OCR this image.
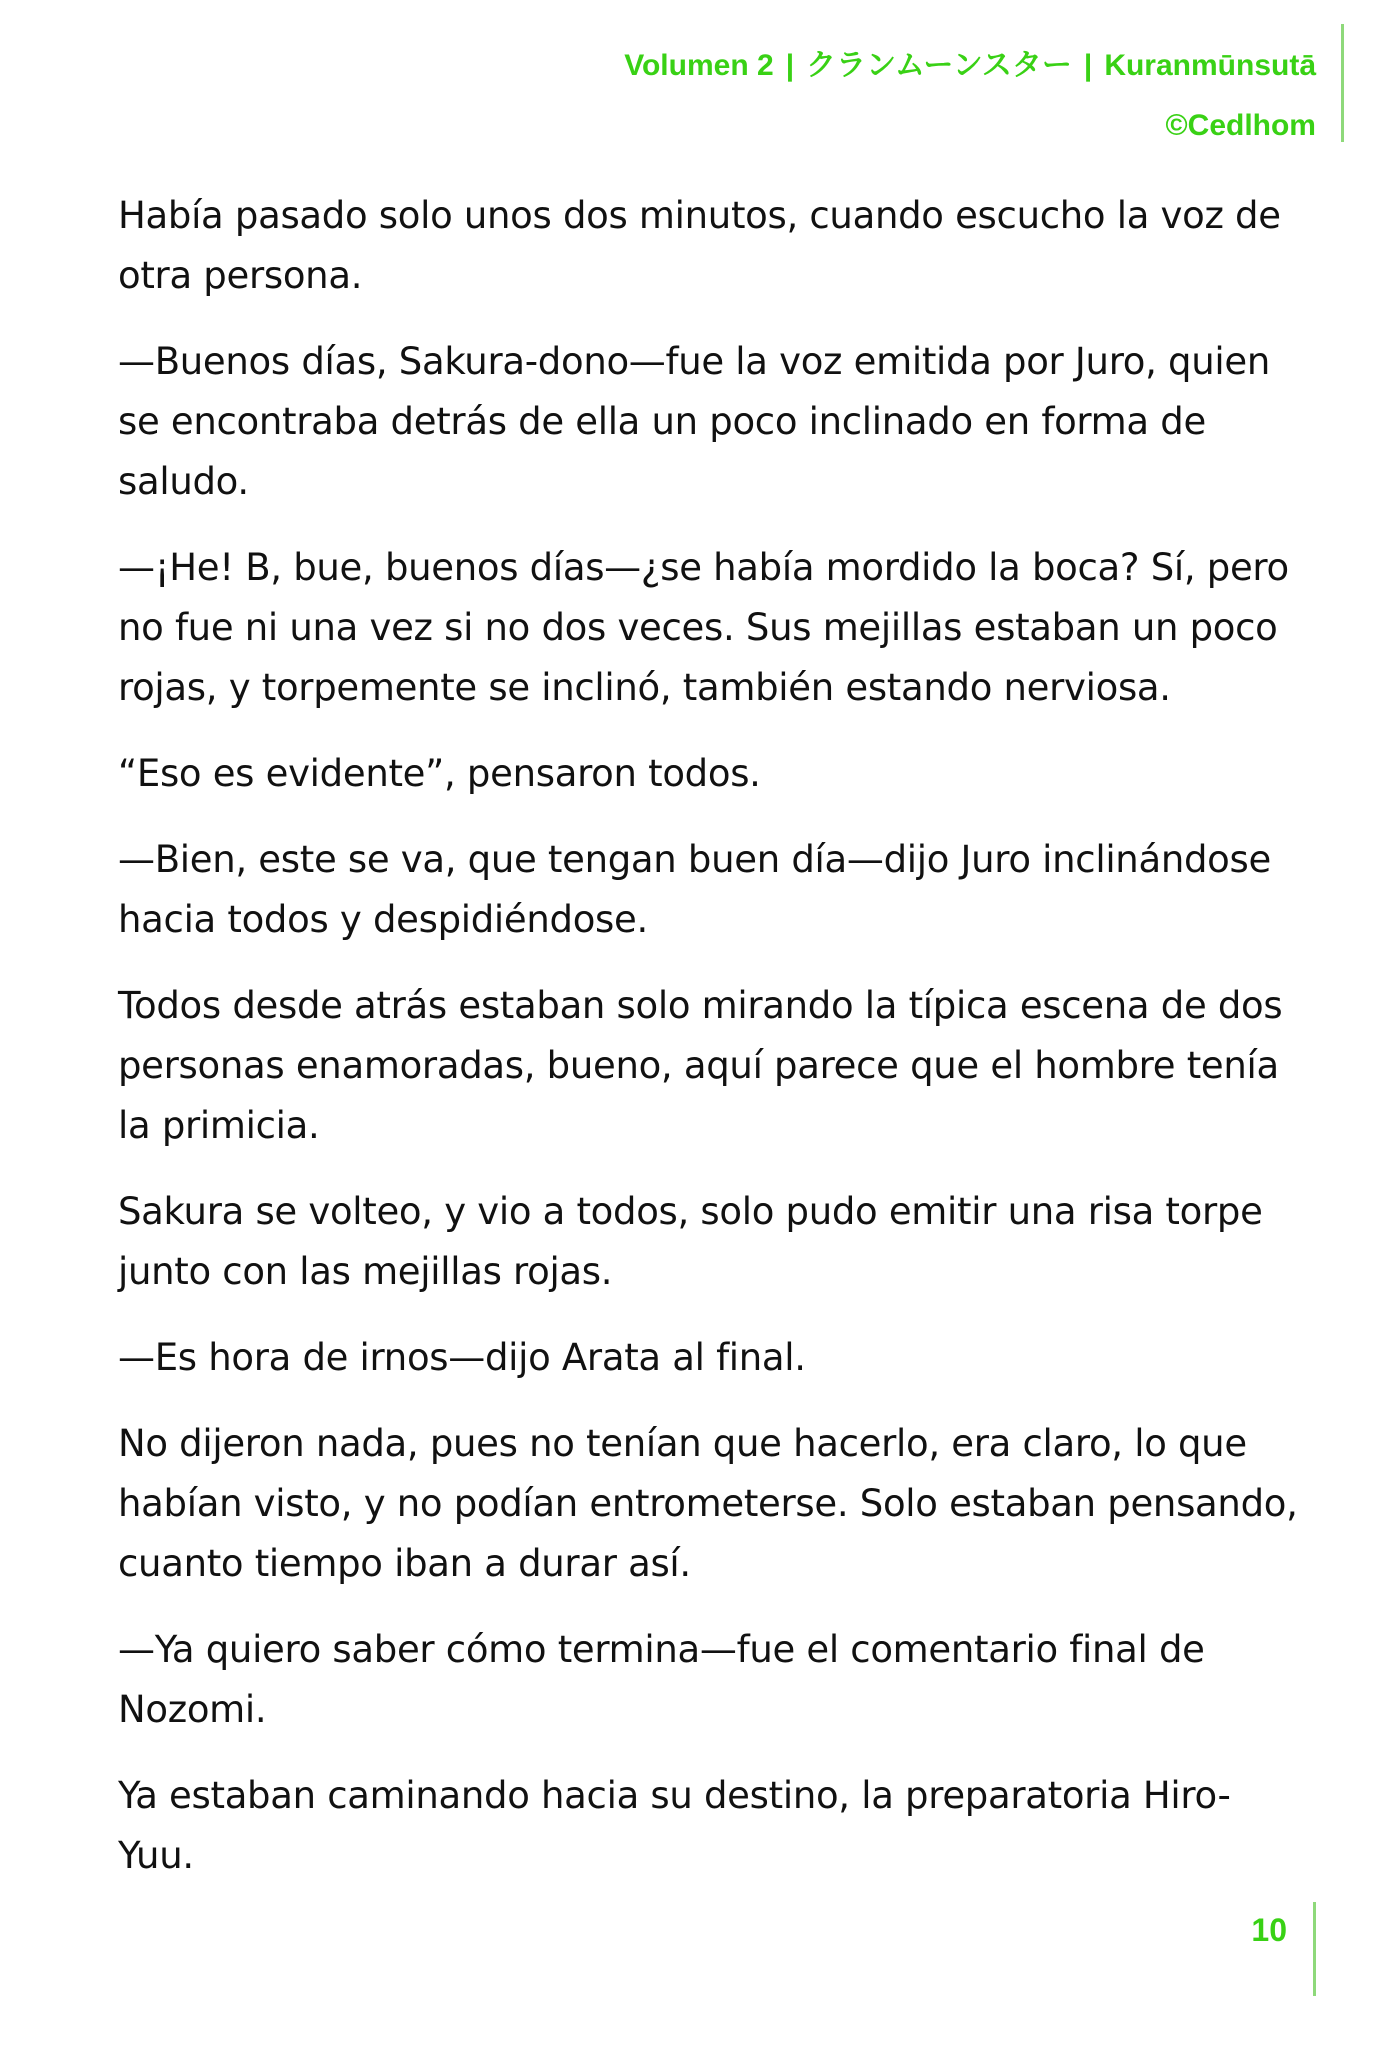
Volumen 2 | クランムーンスター | Kuranmūnsutā
©Cedlhom

Había pasado solo unos dos minutos, cuando escucho la voz de otra persona.

—Buenos días, Sakura-dono—fue la voz emitida por Juro, quien se encontraba detrás de ella un poco inclinado en forma de saludo.

—¡He! B, bue, buenos días—¿se había mordido la boca? Sí, pero no fue ni una vez si no dos veces. Sus mejillas estaban un poco rojas, y torpemente se inclinó, también estando nerviosa.

“Eso es evidente”, pensaron todos.

—Bien, este se va, que tengan buen día—dijo Juro inclinándose hacia todos y despidiéndose.

Todos desde atrás estaban solo mirando la típica escena de dos personas enamoradas, bueno, aquí parece que el hombre tenía la primicia.

Sakura se volteo, y vio a todos, solo pudo emitir una risa torpe junto con las mejillas rojas.

—Es hora de irnos—dijo Arata al final.

No dijeron nada, pues no tenían que hacerlo, era claro, lo que habían visto, y no podían entrometerse. Solo estaban pensando, cuanto tiempo iban a durar así.

—Ya quiero saber cómo termina—fue el comentario final de Nozomi.

Ya estaban caminando hacia su destino, la preparatoria Hiro-Yuu.

10
